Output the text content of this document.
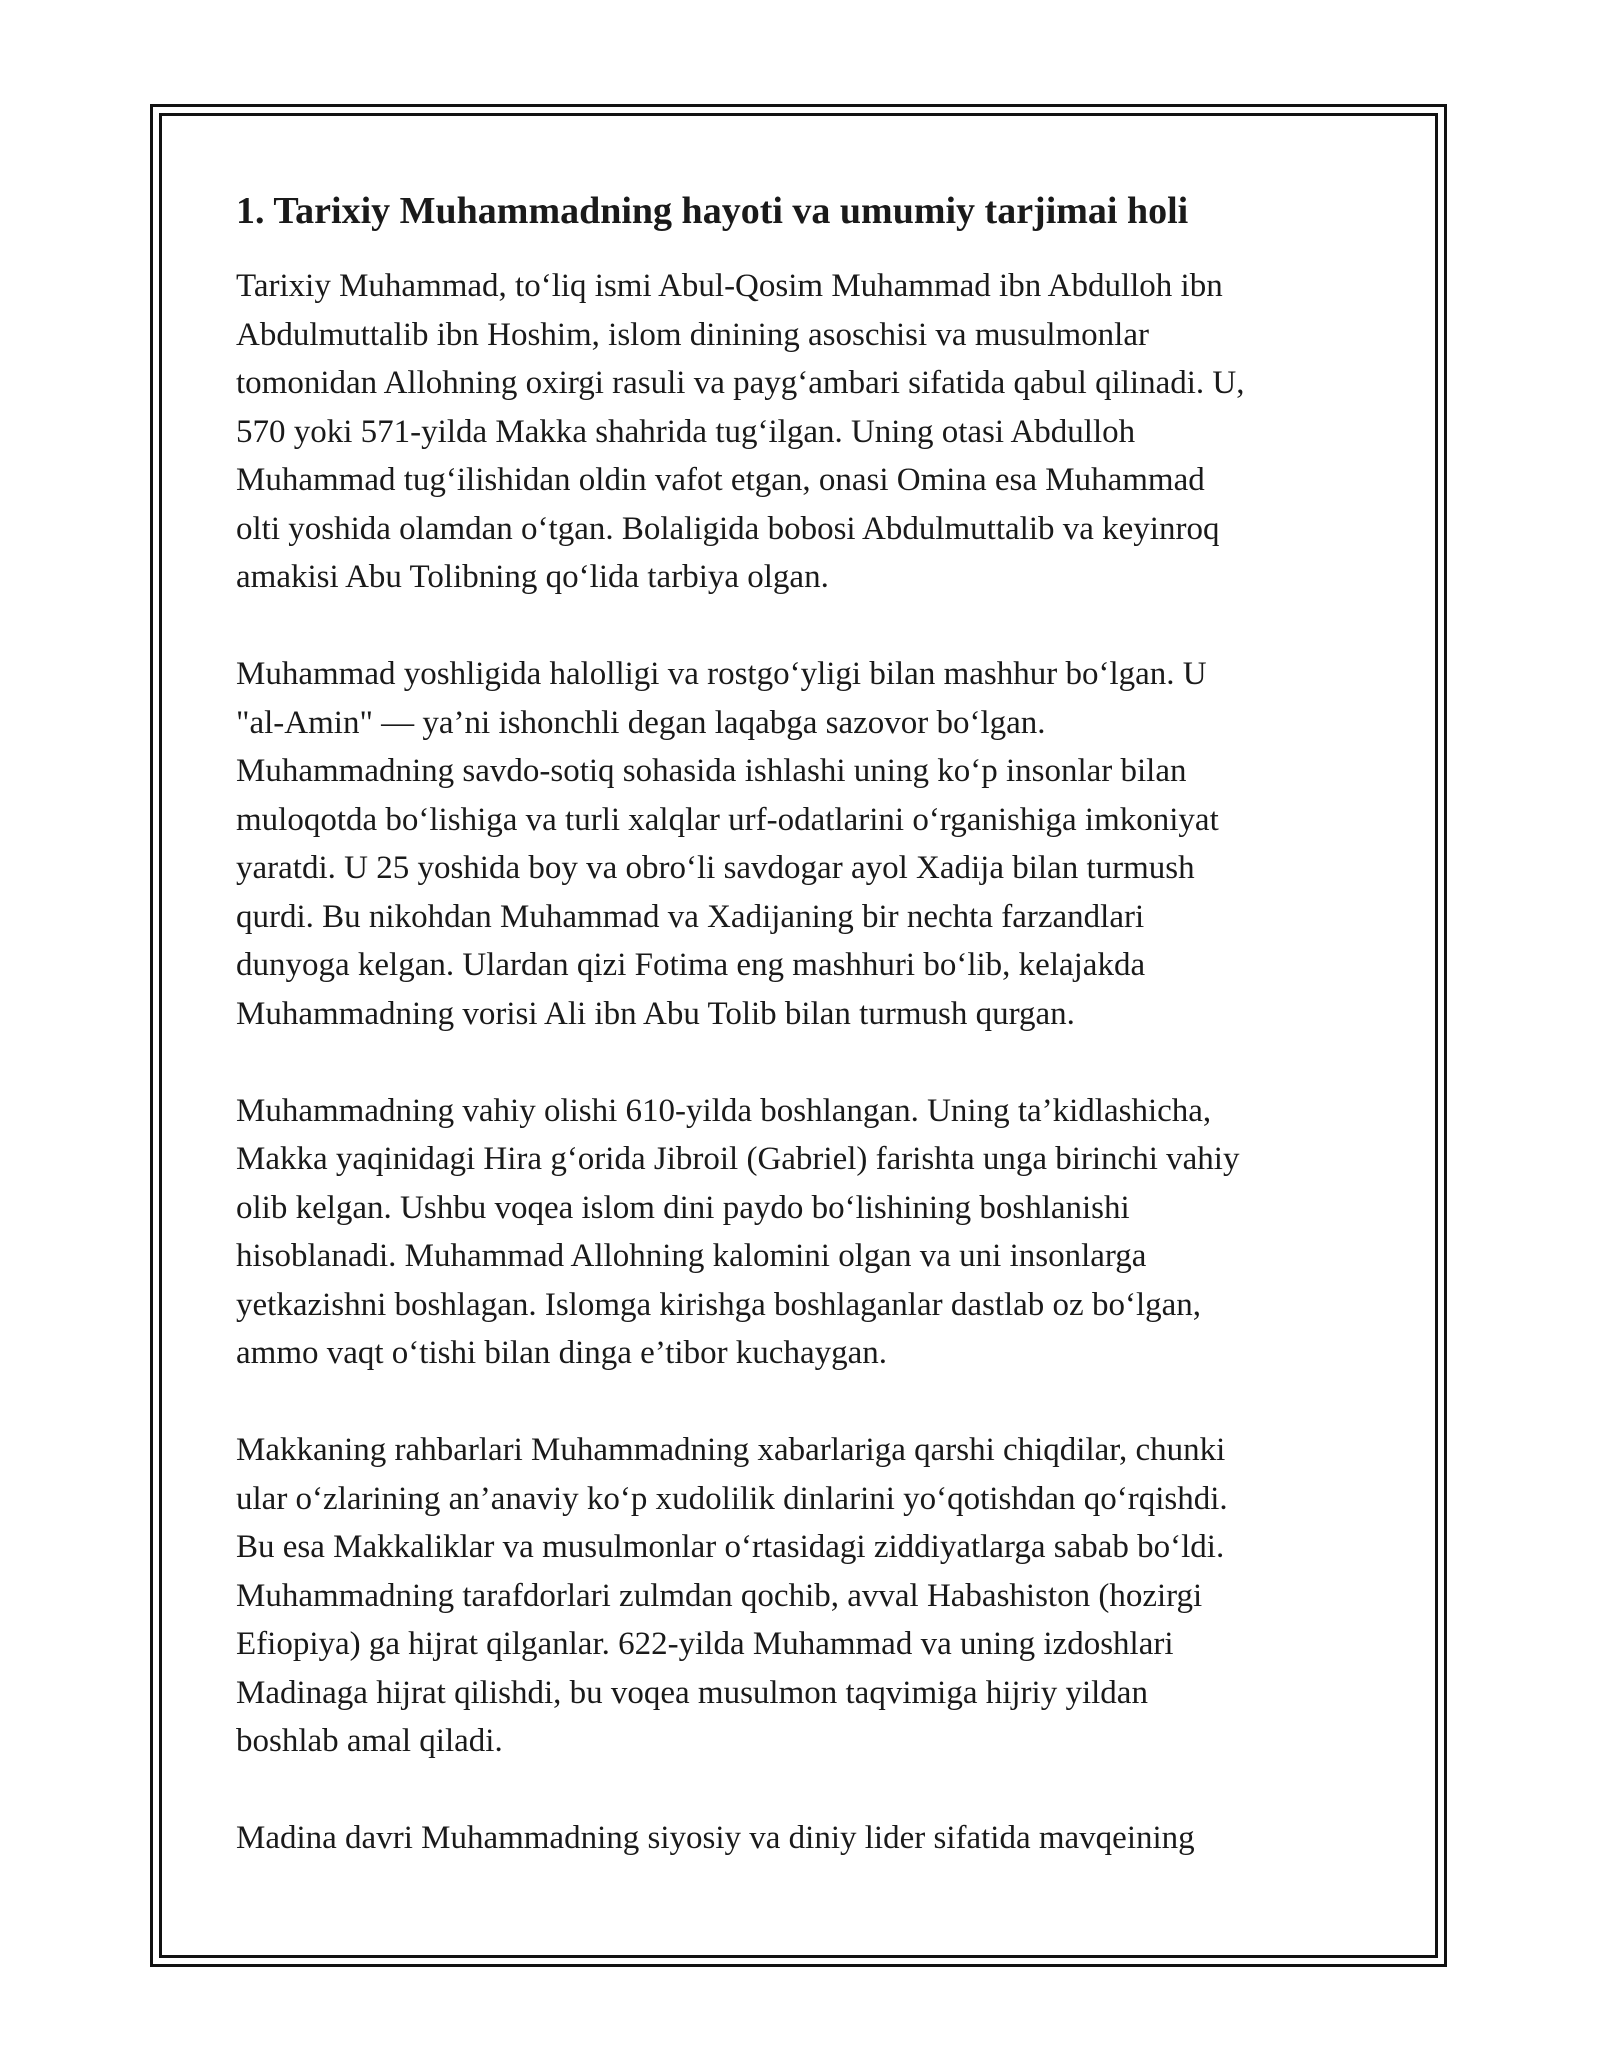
1. Tarixiy Muhammadning hayoti va umumiy tarjimai holi

Tarixiy Muhammad, to‘liq ismi Abul-Qosim Muhammad ibn Abdulloh ibn
Abdulmuttalib ibn Hoshim, islom dinining asoschisi va musulmonlar
tomonidan Allohning oxirgi rasuli va payg‘ambari sifatida qabul qilinadi. U,
570 yoki 571-yilda Makka shahrida tug‘ilgan. Uning otasi Abdulloh
Muhammad tug‘ilishidan oldin vafot etgan, onasi Omina esa Muhammad
olti yoshida olamdan o‘tgan. Bolaligida bobosi Abdulmuttalib va keyinroq
amakisi Abu Tolibning qo‘lida tarbiya olgan.

Muhammad yoshligida halolligi va rostgo‘yligi bilan mashhur bo‘lgan. U
"al-Amin" — ya’ni ishonchli degan laqabga sazovor bo‘lgan.
Muhammadning savdo-sotiq sohasida ishlashi uning ko‘p insonlar bilan
muloqotda bo‘lishiga va turli xalqlar urf-odatlarini o‘rganishiga imkoniyat
yaratdi. U 25 yoshida boy va obro‘li savdogar ayol Xadija bilan turmush
qurdi. Bu nikohdan Muhammad va Xadijaning bir nechta farzandlari
dunyoga kelgan. Ulardan qizi Fotima eng mashhuri bo‘lib, kelajakda
Muhammadning vorisi Ali ibn Abu Tolib bilan turmush qurgan.

Muhammadning vahiy olishi 610-yilda boshlangan. Uning ta’kidlashicha,
Makka yaqinidagi Hira g‘orida Jibroil (Gabriel) farishta unga birinchi vahiy
olib kelgan. Ushbu voqea islom dini paydo bo‘lishining boshlanishi
hisoblanadi. Muhammad Allohning kalomini olgan va uni insonlarga
yetkazishni boshlagan. Islomga kirishga boshlaganlar dastlab oz bo‘lgan,
ammo vaqt o‘tishi bilan dinga e’tibor kuchaygan.

Makkaning rahbarlari Muhammadning xabarlariga qarshi chiqdilar, chunki
ular o‘zlarining an’anaviy ko‘p xudolilik dinlarini yo‘qotishdan qo‘rqishdi.
Bu esa Makkaliklar va musulmonlar o‘rtasidagi ziddiyatlarga sabab bo‘ldi.
Muhammadning tarafdorlari zulmdan qochib, avval Habashiston (hozirgi
Efiopiya) ga hijrat qilganlar. 622-yilda Muhammad va uning izdoshlari
Madinaga hijrat qilishdi, bu voqea musulmon taqvimiga hijriy yildan
boshlab amal qiladi.

Madina davri Muhammadning siyosiy va diniy lider sifatida mavqeining
